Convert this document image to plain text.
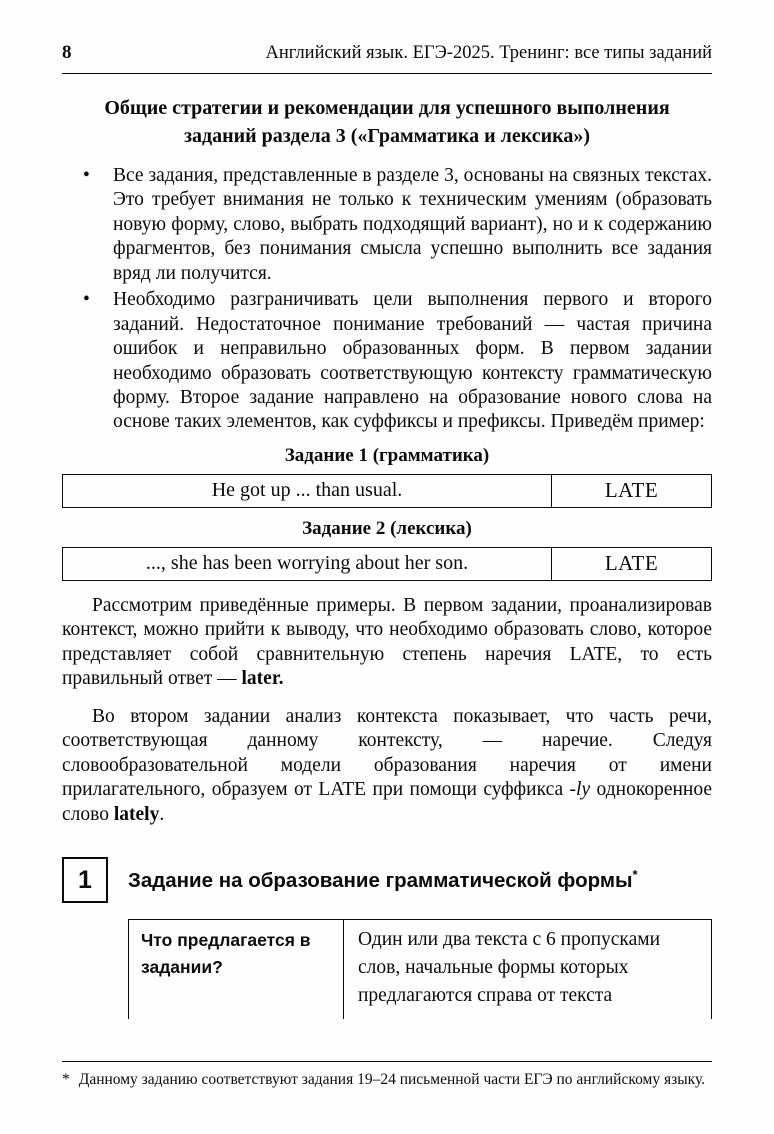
8	Английский язык. ЕГЭ-2025. Тренинг: все типы заданий
Общие стратегии и рекомендации для успешного выполнения
заданий раздела 3 («Грамматика и лексика»)
• Все задания, представленные в разделе 3, основаны на связных текстах. Это требует внимания не только к техническим умениям (образовать новую форму, слово, выбрать подходящий вариант), но и к содержанию фрагментов, без понимания смысла успешно выполнить все задания вряд ли получится.
• Необходимо разграничивать цели выполнения первого и второго заданий. Недостаточное понимание требований — частая причина ошибок и неправильно образованных форм. В первом задании необходимо образовать соответствующую контексту грамматическую форму. Второе задание направлено на образование нового слова на основе таких элементов, как суффиксы и префиксы. Приведём пример:
Задание 1 (грамматика)
He got up ... than usual.	LATE
Задание 2 (лексика)
..., she has been worrying about her son.	LATE

Рассмотрим приведённые примеры. В первом задании, проанализировав контекст, можно прийти к выводу, что необходимо образовать слово, которое представляет собой сравнительную степень наречия LATE, то есть правильный ответ — later.

Во втором задании анализ контекста показывает, что часть речи, соответствующая данному контексту, — наречие. Следуя словообразовательной модели образования наречия от имени прилагательного, образуем от LATE при помощи суффикса -ly однокоренное слово lately.

1	Задание на образование грамматической формы*
Что предлагается в задании?	Один или два текста с 6 пропусками слов, начальные формы которых предлагаются справа от текста

* Данному заданию соответствуют задания 19–24 письменной части ЕГЭ по английскому языку.
